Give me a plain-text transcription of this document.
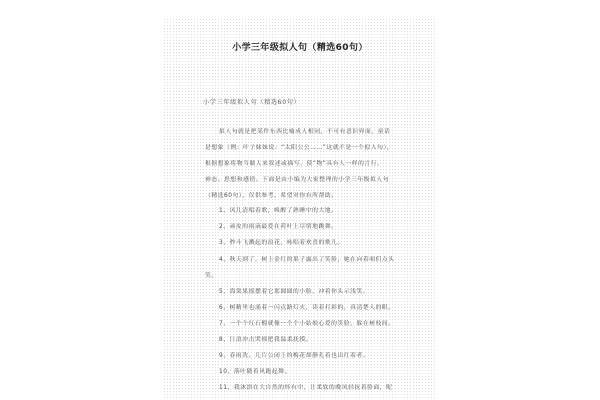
小学三年级拟人句（精选60句）
小学三年级拟人句（精选60句）
拟人句就是把某件东西比喻成人相同，不可有意识界面，童话
是想象（例：叶子妹妹说：“太阳公公……”这就不是一个拟人句），
根据想象将物当做人来叙述或描写，使“物”具有人一样的言行、
神态、思想和感情。下面是由小编为大家整理的小学三年级拟人句
（精选60句），仅供参考，希望对你有所帮助。
1、风儿清唱着歌，唤醒了熟睡中的大地。
2、顽皮的雨滴最爱在荷叶上尽情地跳舞。
3、秒斗飞溅起的浪花，咏唱着欢喜的歌儿。
4、秋天到了，树上金红的果子露出了笑脸，她在向着咱们点头
笑。
5、海棠果摇摆着它那圆圆的小脸，冲着你头示浅笑。
6、树精里也涌着一闪点路灯火，读着打彩的，真清楚人的眼。
7、一个个红石榴就像一个个小姑娘心爱的笑脸，躲在树枝间。
8、巨浪冲击哭撞把我温柔抚摸。
9、春雨洗、几片公闭上的梅花却静孔着也出红着者。
10、落叶随着风跑起舞。
11、我沐浴在大自然的怀有中，让柔软的晚风轻抚着脸面，呢
